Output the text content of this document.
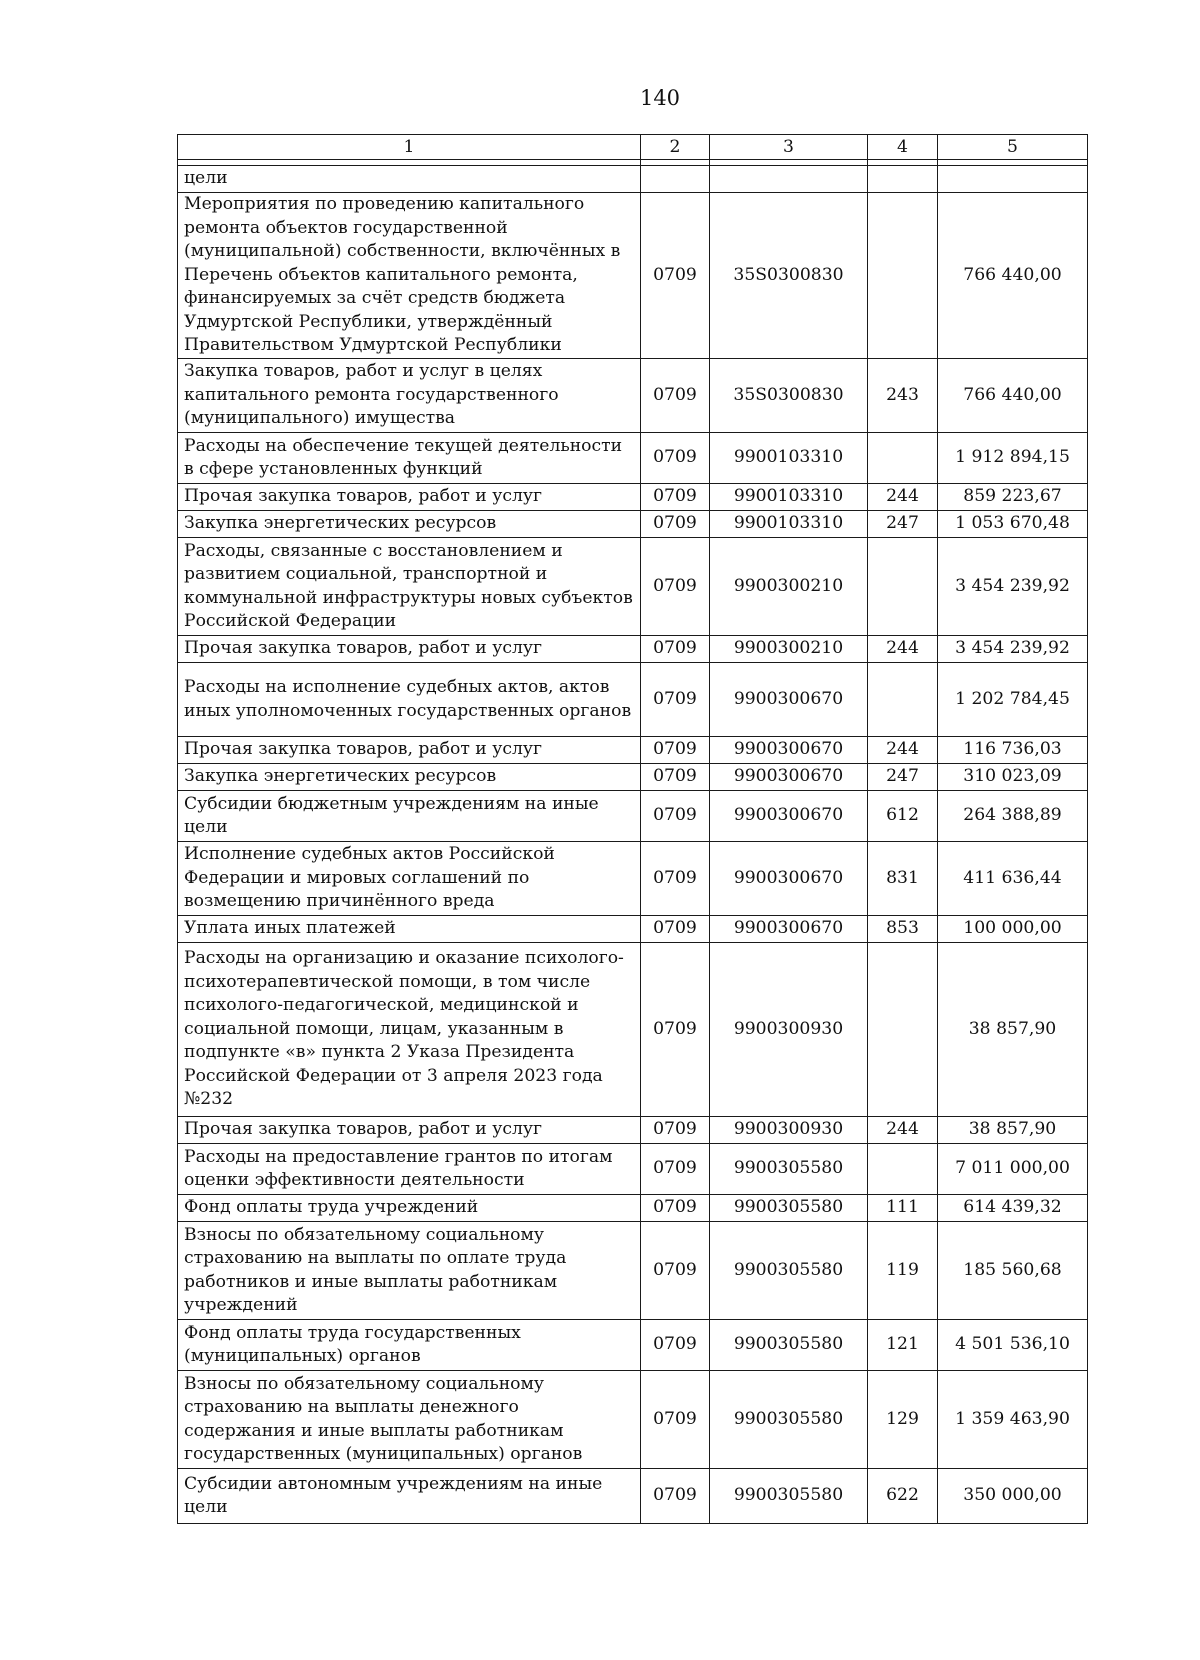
140
1	2	3	4	5

цели				
Мероприятия по проведению капитального ремонта объектов государственной (муниципальной) собственности, включённых в Перечень объектов капитального ремонта, финансируемых за счёт средств бюджета Удмуртской Республики, утверждённый Правительством Удмуртской Республики	0709	35S0300830		766 440,00
Закупка товаров, работ и услуг в целях капитального ремонта государственного (муниципального) имущества	0709	35S0300830	243	766 440,00
Расходы на обеспечение текущей деятельности в сфере установленных функций	0709	9900103310		1 912 894,15
Прочая закупка товаров, работ и услуг	0709	9900103310	244	859 223,67
Закупка энергетических ресурсов	0709	9900103310	247	1 053 670,48
Расходы, связанные с восстановлением и развитием социальной, транспортной и коммунальной инфраструктуры новых субъектов Российской Федерации	0709	9900300210		3 454 239,92
Прочая закупка товаров, работ и услуг	0709	9900300210	244	3 454 239,92
Расходы на исполнение судебных актов, актов иных уполномоченных государственных органов	0709	9900300670		1 202 784,45
Прочая закупка товаров, работ и услуг	0709	9900300670	244	116 736,03
Закупка энергетических ресурсов	0709	9900300670	247	310 023,09
Субсидии бюджетным учреждениям на иные цели	0709	9900300670	612	264 388,89
Исполнение судебных актов Российской Федерации и мировых соглашений по возмещению причинённого вреда	0709	9900300670	831	411 636,44
Уплата иных платежей	0709	9900300670	853	100 000,00
Расходы на организацию и оказание психолого-психотерапевтической помощи, в том числе психолого-педагогической, медицинской и социальной помощи, лицам, указанным в подпункте «в» пункта 2 Указа Президента Российской Федерации от 3 апреля 2023 года №232	0709	9900300930		38 857,90
Прочая закупка товаров, работ и услуг	0709	9900300930	244	38 857,90
Расходы на предоставление грантов по итогам оценки эффективности деятельности	0709	9900305580		7 011 000,00
Фонд оплаты труда учреждений	0709	9900305580	111	614 439,32
Взносы по обязательному социальному страхованию на выплаты по оплате труда работников и иные выплаты работникам учреждений	0709	9900305580	119	185 560,68
Фонд оплаты труда государственных (муниципальных) органов	0709	9900305580	121	4 501 536,10
Взносы по обязательному социальному страхованию на выплаты денежного содержания и иные выплаты работникам государственных (муниципальных) органов	0709	9900305580	129	1 359 463,90
Субсидии автономным учреждениям на иные цели	0709	9900305580	622	350 000,00
